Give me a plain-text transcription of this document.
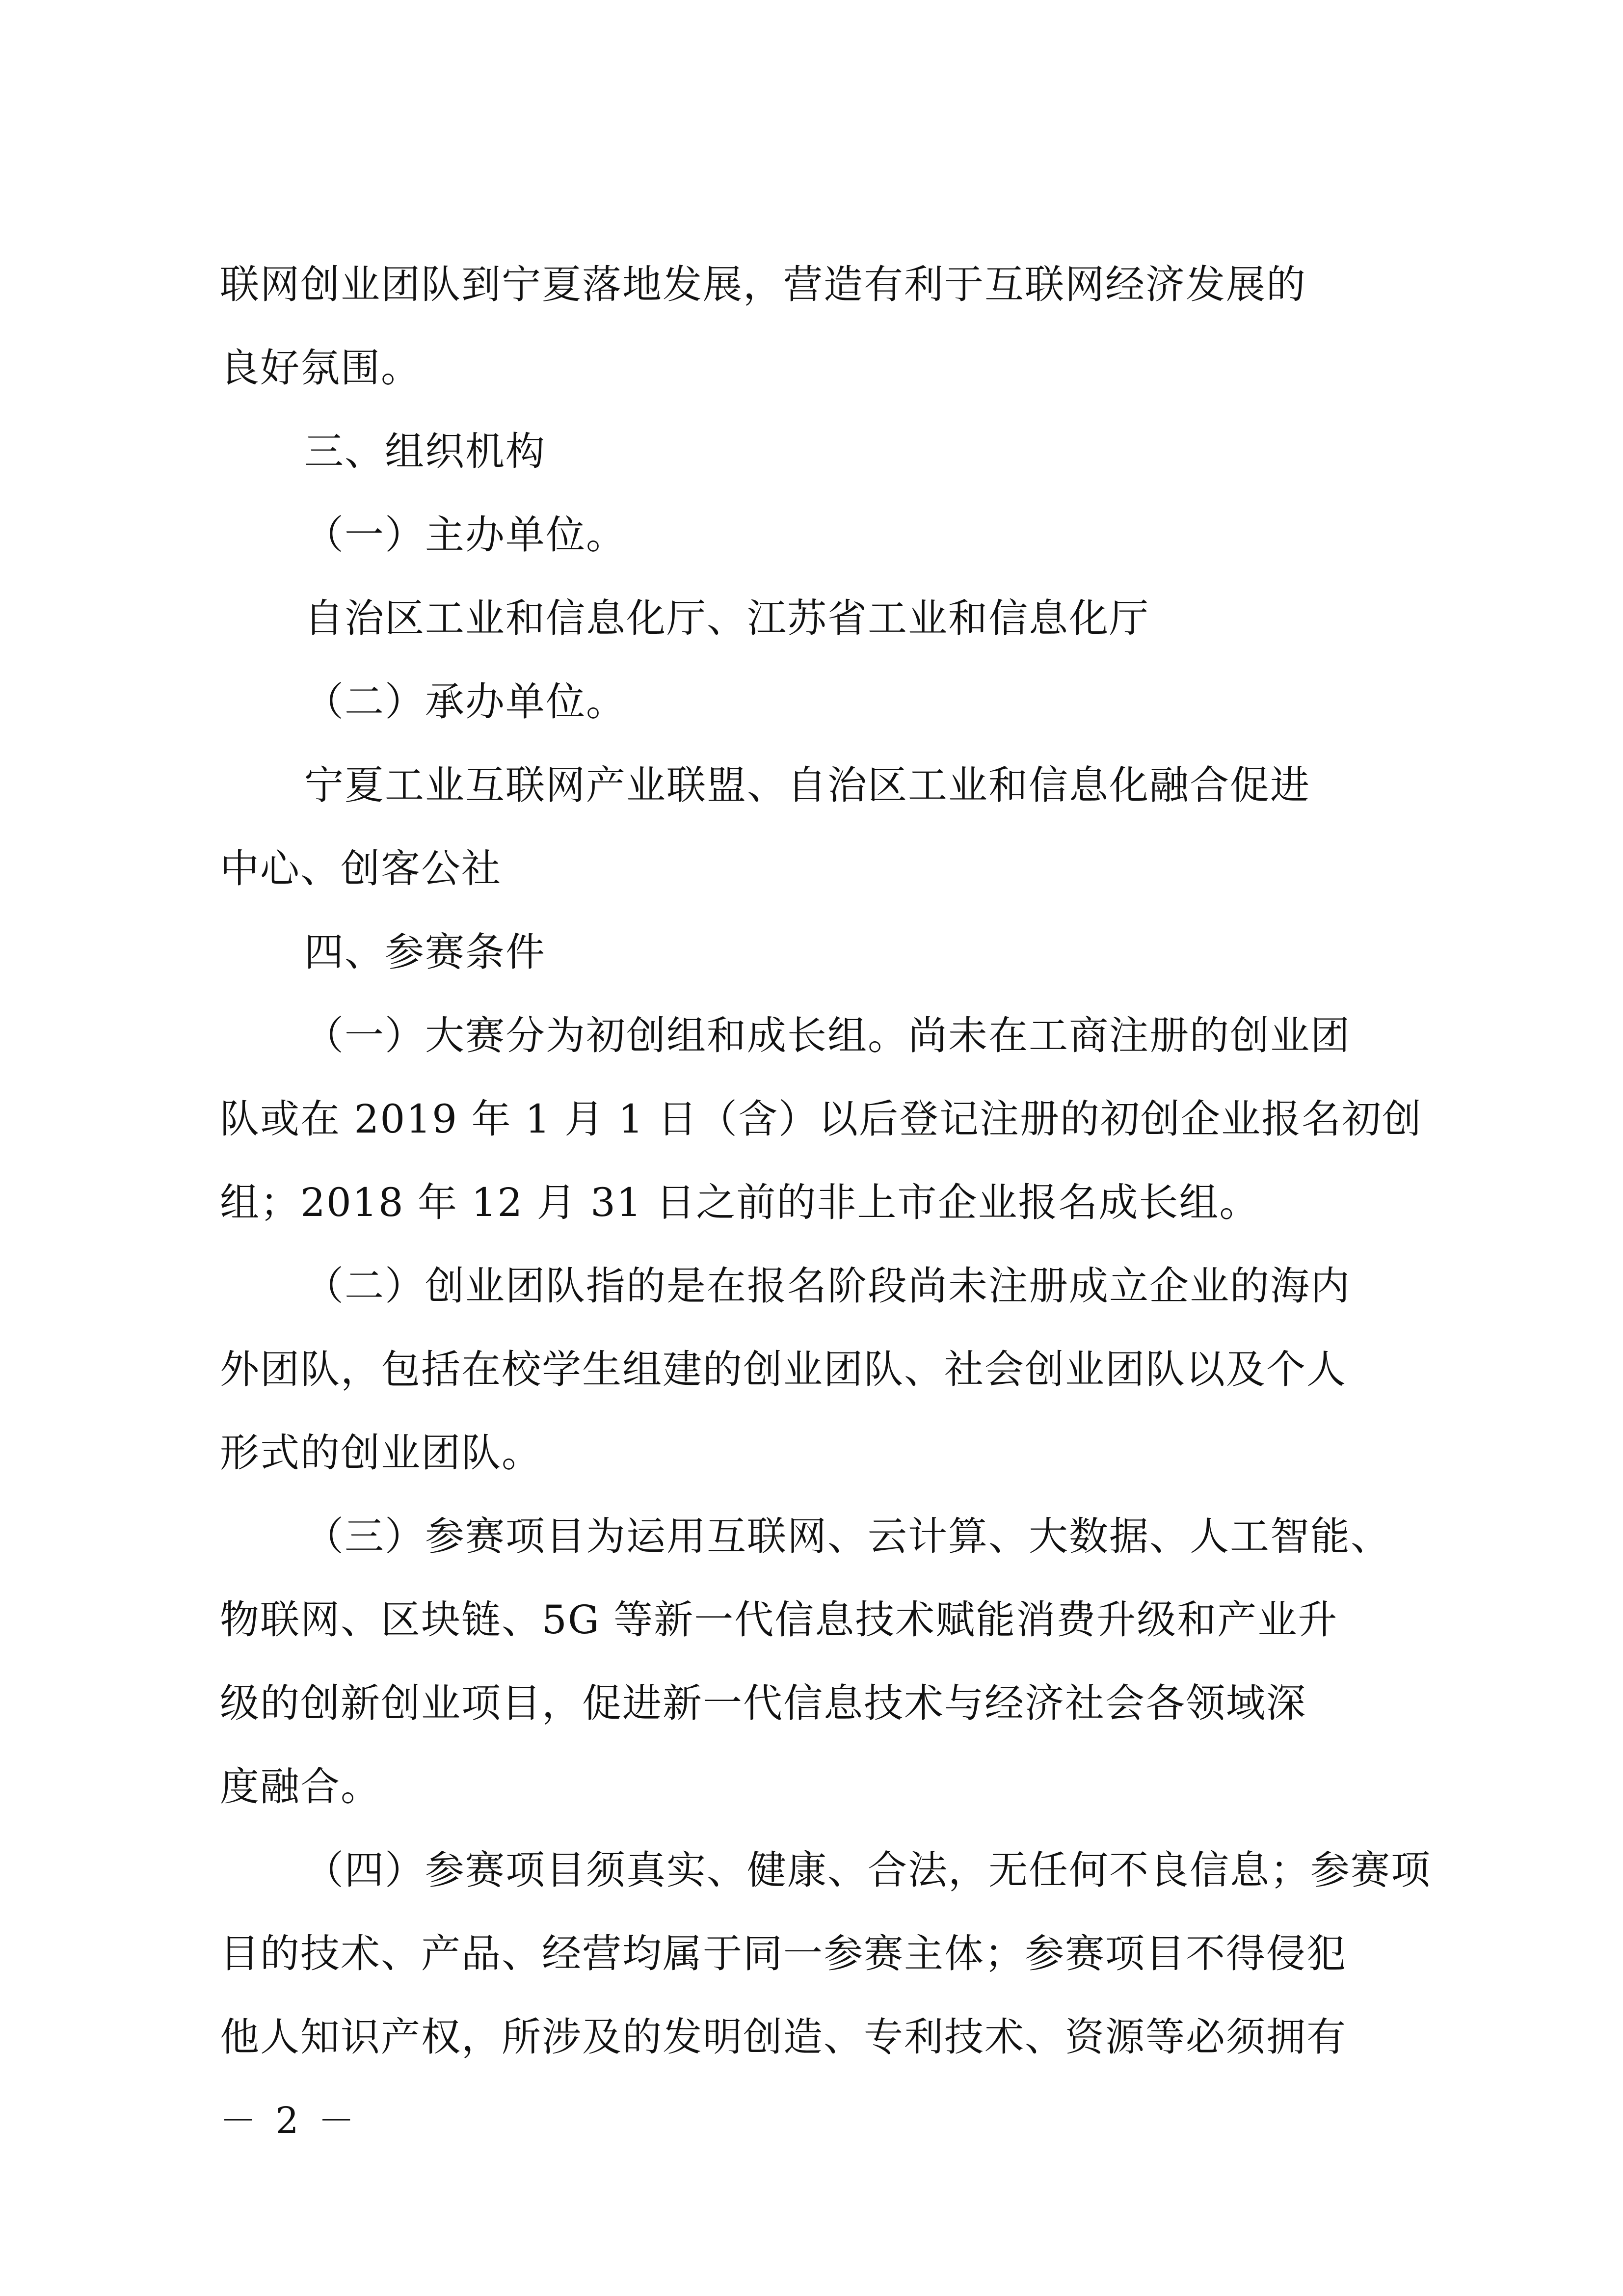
联网创业团队到宁夏落地发展，营造有利于互联网经济发展的
良好氛围。
三、组织机构
（一）主办单位。
自治区工业和信息化厅、江苏省工业和信息化厅
（二）承办单位。
宁夏工业互联网产业联盟、自治区工业和信息化融合促进
中心、创客公社
四、参赛条件
（一）大赛分为初创组和成长组。尚未在工商注册的创业团
队或在 2019 年 1 月 1 日（含）以后登记注册的初创企业报名初创
组；2018 年 12 月 31 日之前的非上市企业报名成长组。
（二）创业团队指的是在报名阶段尚未注册成立企业的海内
外团队，包括在校学生组建的创业团队、社会创业团队以及个人
形式的创业团队。
（三）参赛项目为运用互联网、云计算、大数据、人工智能、
物联网、区块链、5G 等新一代信息技术赋能消费升级和产业升
级的创新创业项目，促进新一代信息技术与经济社会各领域深
度融合。
（四）参赛项目须真实、健康、合法，无任何不良信息；参赛项
目的技术、产品、经营均属于同一参赛主体；参赛项目不得侵犯
他人知识产权，所涉及的发明创造、专利技术、资源等必须拥有
－ 2 －
